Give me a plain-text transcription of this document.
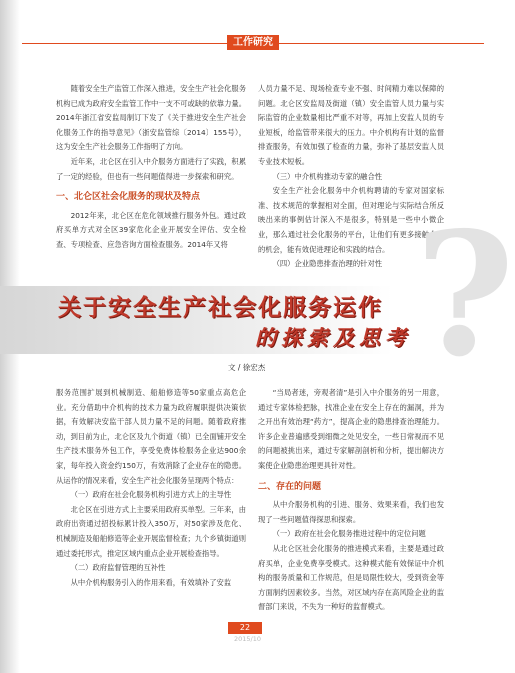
工作研究

随着安全生产监管工作深入推进，安全生产社会化服务机构已成为政府安全监管工作中一支不可或缺的依靠力量。2014年浙江省安监局制订下发了《关于推进安全生产社会化服务工作的指导意见》（浙安监管综〔2014〕155号），这为安全生产社会服务工作指明了方向。

近年来，北仑区在引入中介服务方面进行了实践，积累了一定的经验，但也有一些问题值得进一步探索和研究。

一、北仑区社会化服务的现状及特点

2012年来，北仑区在危化领域推行服务外包。通过政府买单方式对全区39家危化企业开展安全评估、安全检查、专项检查、应急咨询方面检查服务。2014年又将

人员力量不足、现场检查专业不强、时间精力难以保障的问题。北仑区安监局及街道（镇）安全监管人员力量与实际监管的企业数量相比严重不对等，再加上安监人员的专业短板，给监管带来很大的压力。中介机构有计划的监督排查服务，有效加强了检查的力量，弥补了基层安监人员专业技术短板。

（三）中介机构推动专家的融合性

安全生产社会化服务中介机构聘请的专家对国家标准、技术规范的掌握相对全面，但对理论与实际结合所反映出来的事例估计深入不是很多，特别是一些中小微企业，那么通过社会化服务的平台，让他们有更多接触企业的机会，能有效促进理论和实践的结合。

（四）企业隐患排查治理的针对性 ?
关于安全生产社会化服务运作
的探索及思考
文 / 徐宏杰

服务范围扩展到机械制造、船舶修造等50家重点高危企业。充分借助中介机构的技术力量为政府履职提供决策依据，有效解决安监干部人员力量不足的问题。随着政府推动，到目前为止，北仑区及九个街道（镇）已全面铺开安全生产技术服务外包工作，享受免费体检服务企业达900余家，每年投入资金约150万，有效消除了企业存在的隐患。从运作的情况来看，安全生产社会化服务呈现两个特点：

（一）政府在社会化服务机构引进方式上的主导性

北仑区在引进方式上主要采用政府买单型。三年来，由政府出资通过招投标累计投入350万，对50家涉及危化、机械制造及船舶修造等企业开展监督检查；九个乡镇街道则通过委托形式，推定区域内重点企业开展检查指导。

（二）政府监督管理的互补性

从中介机构服务引入的作用来看，有效填补了安监

“当局者迷，旁观者清”是引入中介服务的另一用意，通过专家体检把脉，找准企业在安全上存在的漏洞，并为之开出有效治理“药方”，提高企业的隐患排查治理能力。许多企业普遍感受到细微之处见安全，一些日常视而不见的问题被挑出来，通过专家解剖剖析和分析，提出解决方案使企业隐患治理更具针对性。

二、存在的问题

从中介服务机构的引进、服务、效果来看，我们也发现了一些问题值得探思和探索。

（一）政府在社会化服务推进过程中的定位问题

从北仑区社会化服务的推进模式来看，主要是通过政府买单，企业免费享受模式。这种模式能有效保证中介机构的服务质量和工作规范，但是局限性较大，受到资金等方面制约因素较多。当然，对区域内存在高风险企业的监督部门来说，不失为一种好的监督模式。

22
2015/10
